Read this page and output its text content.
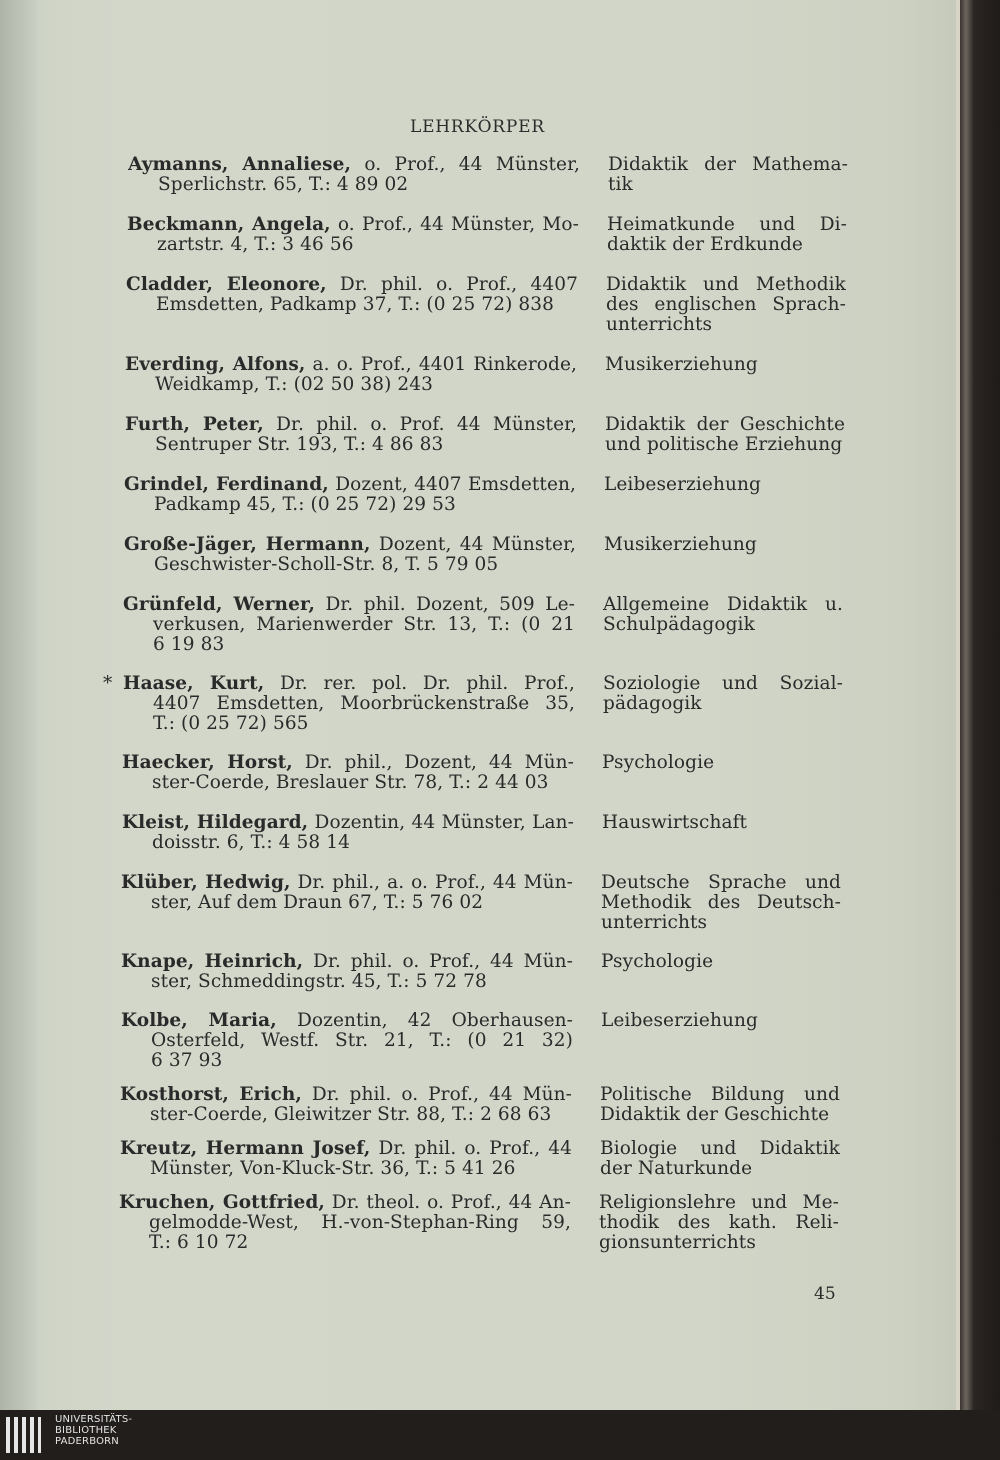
LEHRKÖRPER
Aymanns, Annaliese, o. Prof., 44 Münster,
Sperlichstr. 65, T.: 4 89 02
Didaktik der Mathema-
tik
Beckmann, Angela, o. Prof., 44 Münster, Mo-
zartstr. 4, T.: 3 46 56
Heimatkunde und Di-
daktik der Erdkunde
Cladder, Eleonore, Dr. phil. o. Prof., 4407
Emsdetten, Padkamp 37, T.: (0 25 72) 838
Didaktik und Methodik
des englischen Sprach-
unterrichts
Everding, Alfons, a. o. Prof., 4401 Rinkerode,
Weidkamp, T.: (02 50 38) 243
Musikerziehung
Furth, Peter, Dr. phil. o. Prof. 44 Münster,
Sentruper Str. 193, T.: 4 86 83
Didaktik der Geschichte
und politische Erziehung
Grindel, Ferdinand, Dozent, 4407 Emsdetten,
Padkamp 45, T.: (0 25 72) 29 53
Leibeserziehung
Große-Jäger, Hermann, Dozent, 44 Münster,
Geschwister-Scholl-Str. 8, T. 5 79 05
Musikerziehung
Grünfeld, Werner, Dr. phil. Dozent, 509 Le-
verkusen, Marienwerder Str. 13, T.: (0 21
6 19 83
Allgemeine Didaktik u.
Schulpädagogik
* Haase, Kurt, Dr. rer. pol. Dr. phil. Prof.,
4407 Emsdetten, Moorbrückenstraße 35,
T.: (0 25 72) 565
Soziologie und Sozial-
pädagogik
Haecker, Horst, Dr. phil., Dozent, 44 Mün-
ster-Coerde, Breslauer Str. 78, T.: 2 44 03
Psychologie
Kleist, Hildegard, Dozentin, 44 Münster, Lan-
doisstr. 6, T.: 4 58 14
Hauswirtschaft
Klüber, Hedwig, Dr. phil., a. o. Prof., 44 Mün-
ster, Auf dem Draun 67, T.: 5 76 02
Deutsche Sprache und
Methodik des Deutsch-
unterrichts
Knape, Heinrich, Dr. phil. o. Prof., 44 Mün-
ster, Schmeddingstr. 45, T.: 5 72 78
Psychologie
Kolbe, Maria, Dozentin, 42 Oberhausen-
Osterfeld, Westf. Str. 21, T.: (0 21 32)
6 37 93
Leibeserziehung
Kosthorst, Erich, Dr. phil. o. Prof., 44 Mün-
ster-Coerde, Gleiwitzer Str. 88, T.: 2 68 63
Politische Bildung und
Didaktik der Geschichte
Kreutz, Hermann Josef, Dr. phil. o. Prof., 44
Münster, Von-Kluck-Str. 36, T.: 5 41 26
Biologie und Didaktik
der Naturkunde
Kruchen, Gottfried, Dr. theol. o. Prof., 44 An-
gelmodde-West, H.-von-Stephan-Ring 59,
T.: 6 10 72
Religionslehre und Me-
thodik des kath. Reli-
gionsunterrichts
45
UNIVERSITÄTS-
BIBLIOTHEK
PADERBORN
